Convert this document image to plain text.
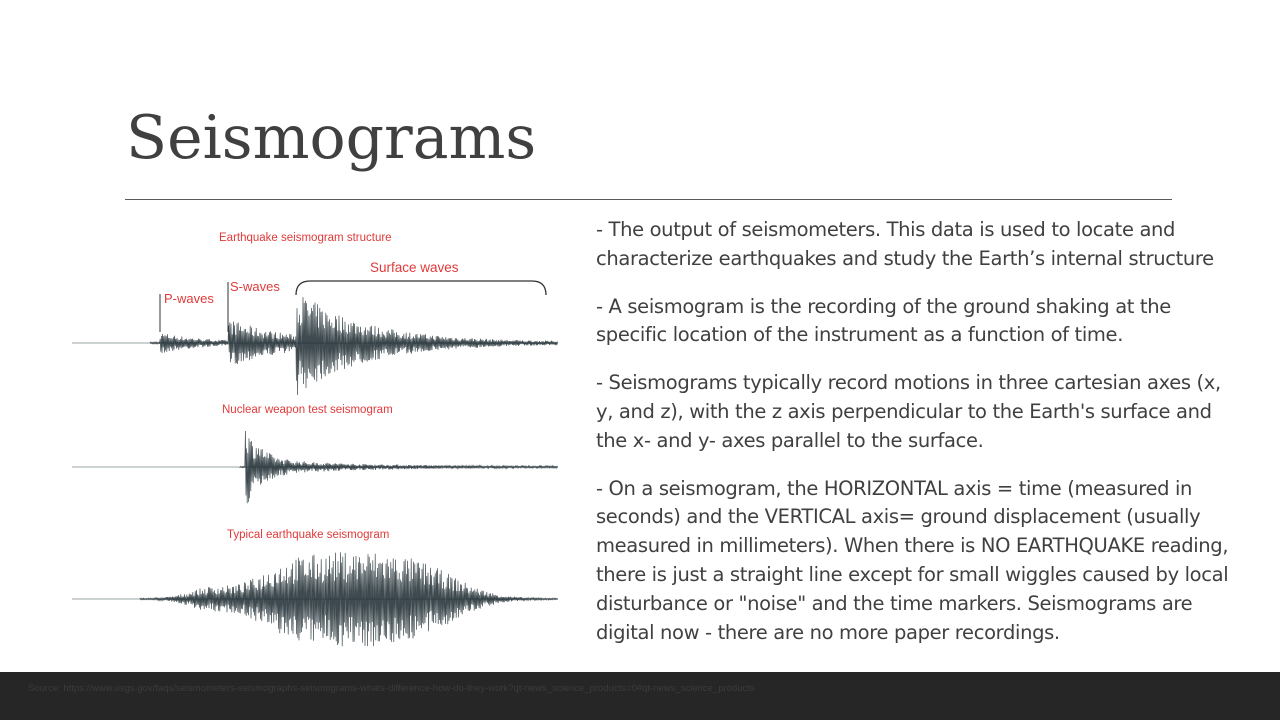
Seismograms
Earthquake seismogram structure
P-waves
S-waves
Surface waves
Nuclear weapon test seismogram
Typical earthquake seismogram

- The output of seismometers. This data is used to locate and
characterize earthquakes and study the Earth’s internal structure

- A seismogram is the recording of the ground shaking at the
specific location of the instrument as a function of time.

- Seismograms typically record motions in three cartesian axes (x,
y, and z), with the z axis perpendicular to the Earth's surface and
the x- and y- axes parallel to the surface.

- On a seismogram, the HORIZONTAL axis = time (measured in
seconds) and the VERTICAL axis= ground displacement (usually
measured in millimeters). When there is NO EARTHQUAKE reading,
there is just a straight line except for small wiggles caused by local
disturbance or "noise" and the time markers. Seismograms are
digital now - there are no more paper recordings.

Source: https://www.usgs.gov/faqs/seismometers-seismographs-seismograms-whats-difference-how-do-they-work?qt-news_science_products=0#qt-news_science_products
